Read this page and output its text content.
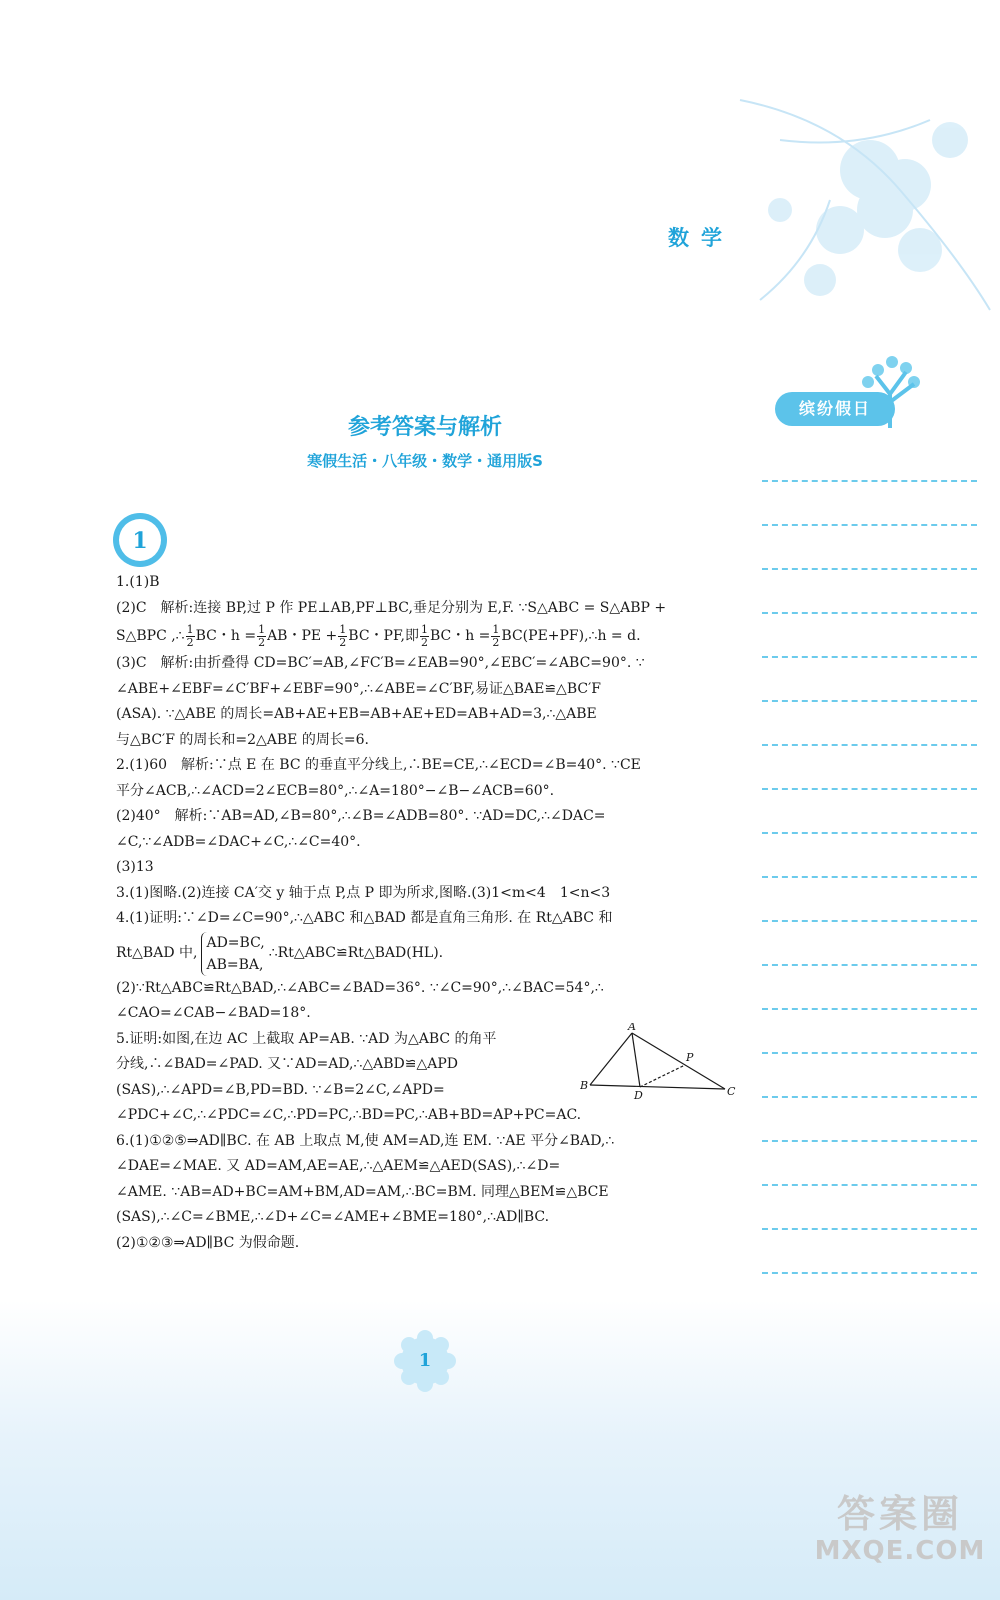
数学
缤纷假日
参考答案与解析
寒假生活・八年级・数学・通用版S
1

1.(1)B

(2)C　解析:连接 BP,过 P 作 PE⊥AB,PF⊥BC,垂足分别为 E,F. ∵S△ABC = S△ABP +

S△BPC ,∴ $\frac{1}{2}$ BC・$h = \frac{1}{2}$ AB・PE + $\frac{1}{2}$ BC・PF,即 $\frac{1}{2}$ BC・$h = \frac{1}{2}$ BC(PE+PF),∴h = d.

(3)C　解析:由折叠得 CD=BC′=AB,∠FC′B=∠EAB=90°,∠EBC′=∠ABC=90°. ∵

∠ABE+∠EBF=∠C′BF+∠EBF=90°,∴∠ABE=∠C′BF,易证△BAE≌△BC′F

(ASA). ∵△ABE 的周长=AB+AE+EB=AB+AE+ED=AB+AD=3,∴△ABE

与△BC′F 的周长和=2△ABE 的周长=6.

2.(1)60　解析:∵点 E 在 BC 的垂直平分线上,∴BE=CE,∴∠ECD=∠B=40°. ∵CE

平分∠ACB,∴∠ACD=2∠ECB=80°,∴∠A=180°−∠B−∠ACB=60°.

(2)40°　解析:∵AB=AD,∠B=80°,∴∠B=∠ADB=80°. ∵AD=DC,∴∠DAC=

∠C,∵∠ADB=∠DAC+∠C,∴∠C=40°.

(3)13

3.(1)图略.(2)连接 CA′交 y 轴于点 P,点 P 即为所求,图略.(3)1<m<4　1<n<3

4.(1)证明:∵∠D=∠C=90°,∴△ABC 和△BAD 都是直角三角形. 在 Rt△ABC 和

Rt△BAD 中,
AD=BC,
AB=BA,
∴Rt△ABC≌Rt△BAD(HL).

(2)∵Rt△ABC≌Rt△BAD,∴∠ABC=∠BAD=36°. ∵∠C=90°,∴∠BAC=54°,∴

∠CAO=∠CAB−∠BAD=18°.

5.证明:如图,在边 AC 上截取 AP=AB. ∵AD 为△ABC 的角平

分线,∴∠BAD=∠PAD. 又∵AD=AD,∴△ABD≌△APD

(SAS),∴∠APD=∠B,PD=BD. ∵∠B=2∠C,∠APD=

A
B	C
D
P

∠PDC+∠C,∴∠PDC=∠C,∴PD=PC,∴BD=PC,∴AB+BD=AP+PC=AC.

6.(1)①②⑤⇒AD∥BC. 在 AB 上取点 M,使 AM=AD,连 EM. ∵AE 平分∠BAD,∴

∠DAE=∠MAE. 又 AD=AM,AE=AE,∴△AEM≌△AED(SAS),∴∠D=

∠AME. ∵AB=AD+BC=AM+BM,AD=AM,∴BC=BM. 同理△BEM≌△BCE

(SAS),∴∠C=∠BME,∴∠D+∠C=∠AME+∠BME=180°,∴AD∥BC.

(2)①②③⇒AD∥BC 为假命题.

1
答案圈
MXQE.COM
